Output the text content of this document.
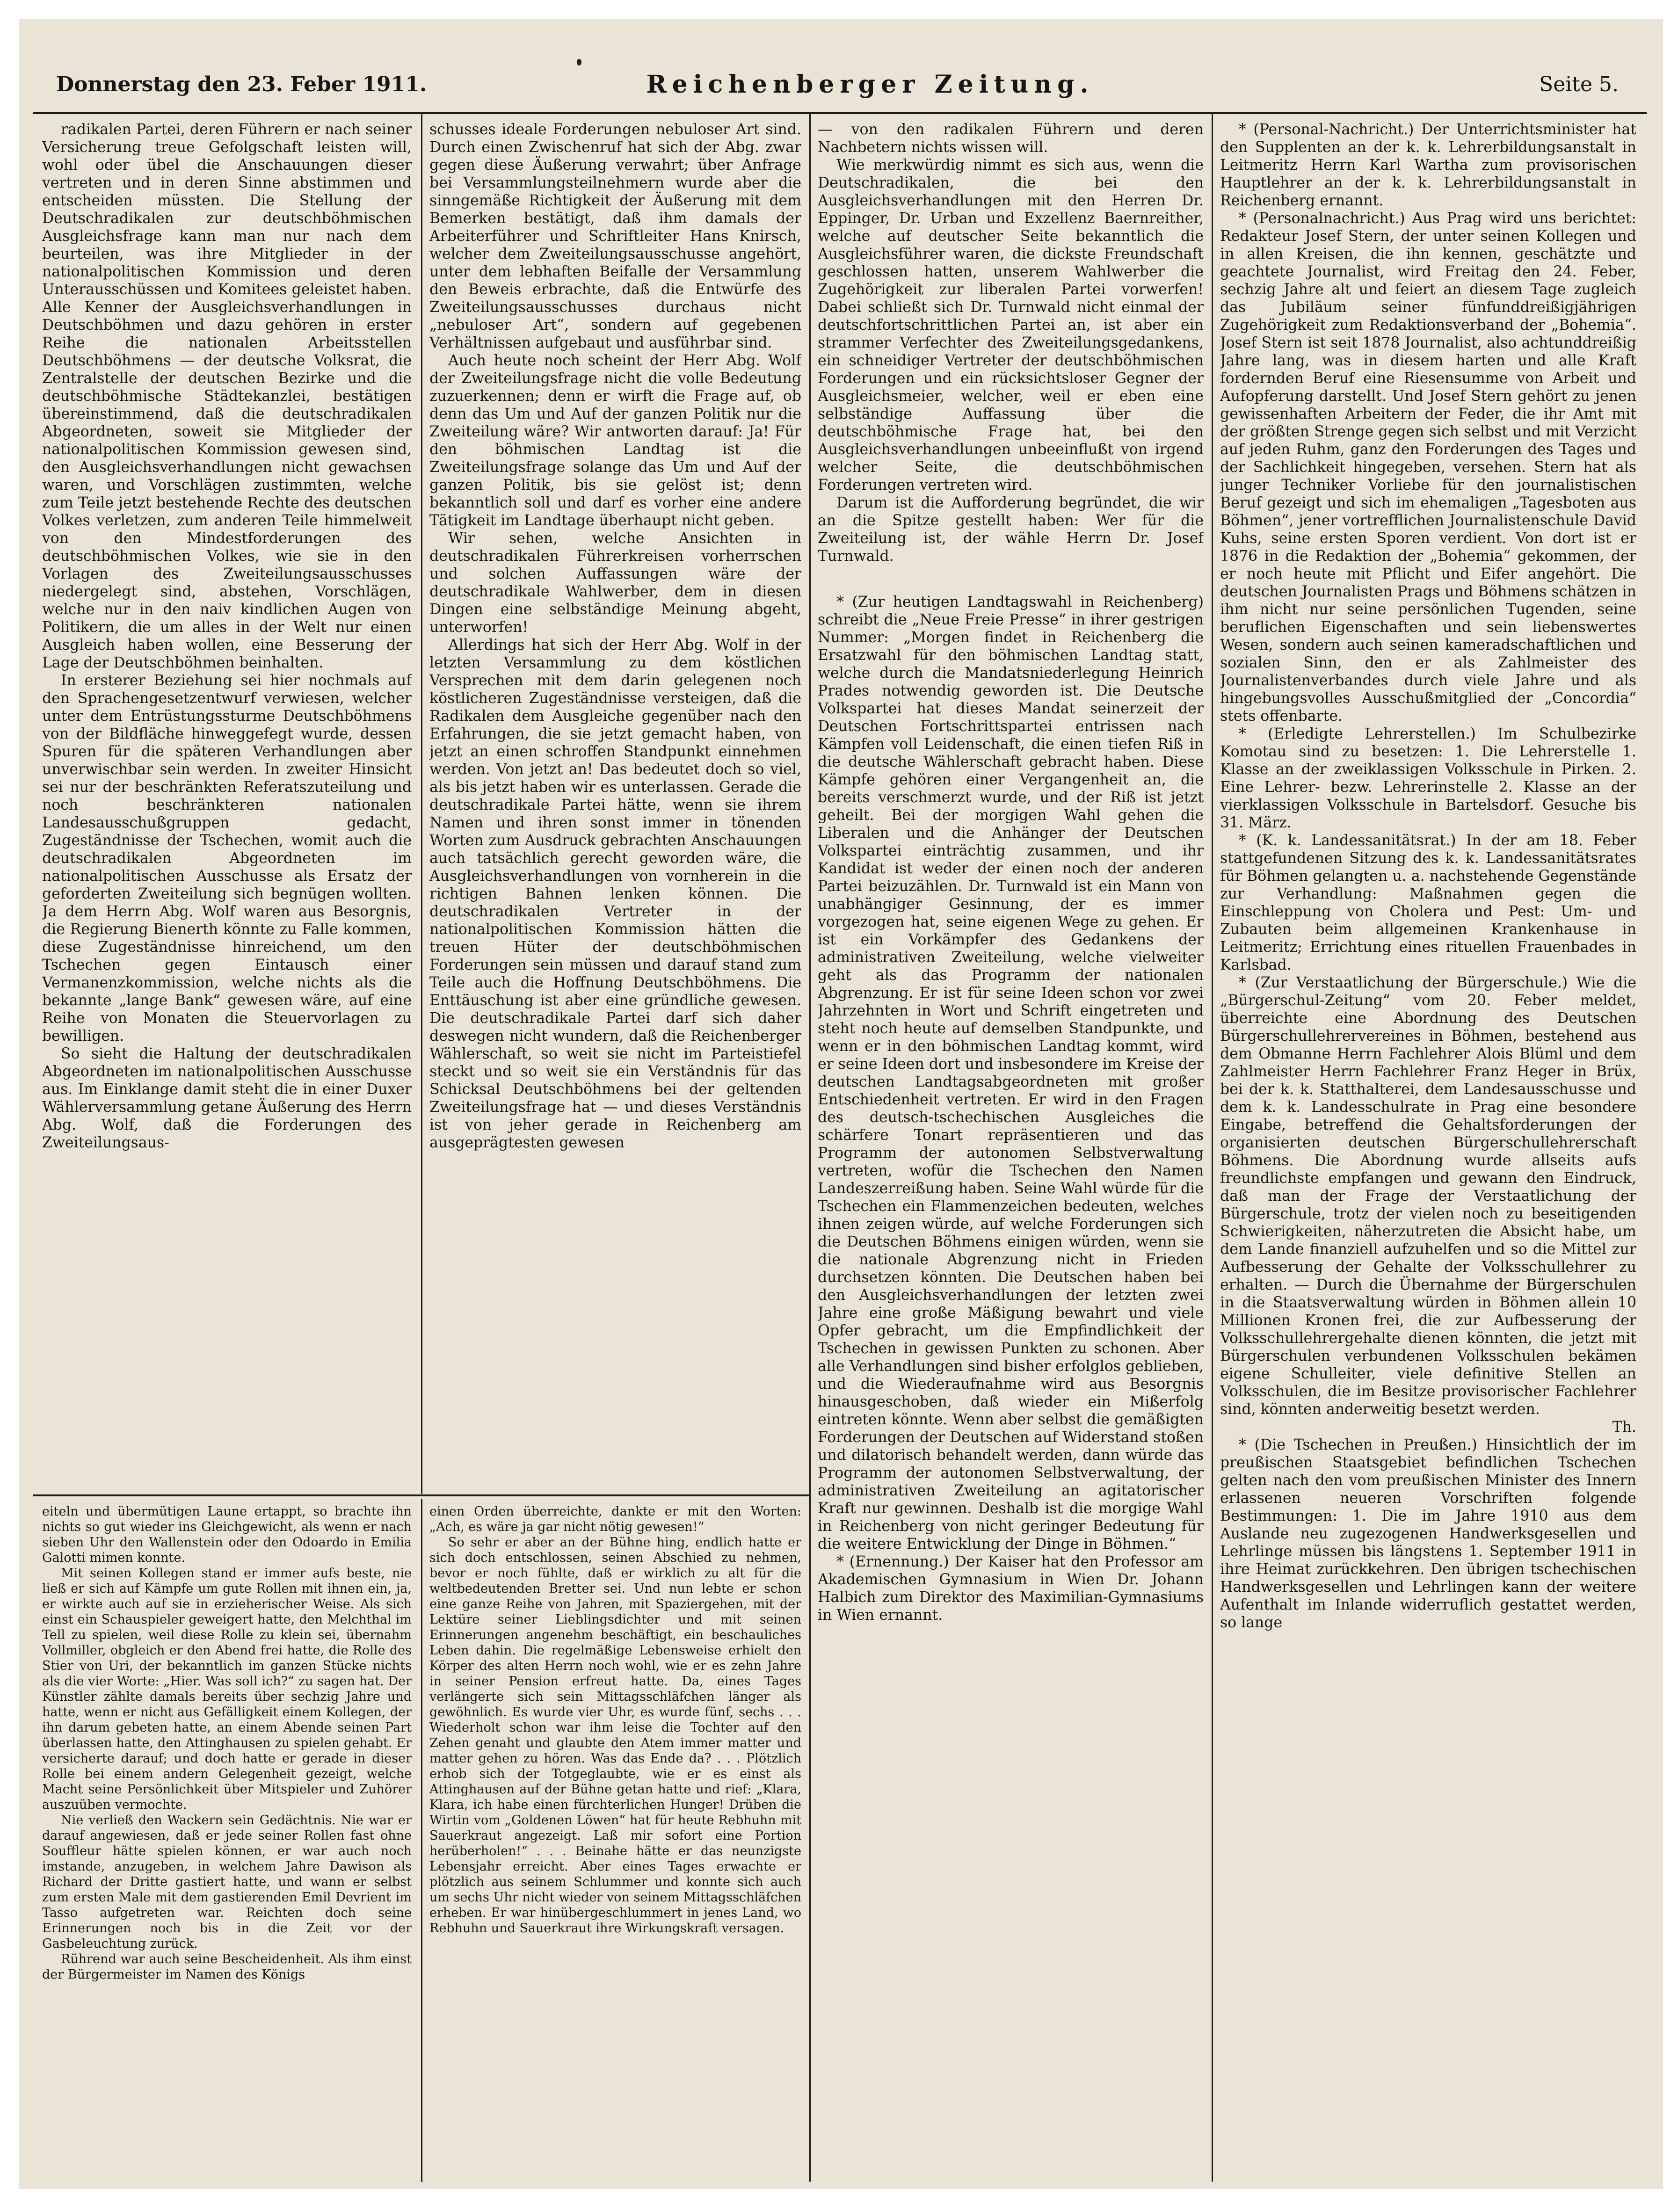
Donnerstag den 23. Feber 1911.	Reichenberger Zeitung.	Seite 5.

radikalen Partei, deren Führern er nach seiner Versicherung treue Gefolgschaft leisten will, wohl oder übel die Anschauungen dieser vertreten und in deren Sinne abstimmen und entscheiden müssten. Die Stellung der Deutschradikalen zur deutschböhmischen Ausgleichsfrage kann man nur nach dem beurteilen, was ihre Mitglieder in der nationalpolitischen Kommission und deren Unterausschüssen und Komitees geleistet haben. Alle Kenner der Ausgleichsverhandlungen in Deutschböhmen und dazu gehören in erster Reihe die nationalen Arbeitsstellen Deutschböhmens — der deutsche Volksrat, die Zentralstelle der deutschen Bezirke und die deutschböhmische Städtekanzlei, bestätigen übereinstimmend, daß die deutschradikalen Abgeordneten, soweit sie Mitglieder der nationalpolitischen Kommission gewesen sind, den Ausgleichsverhandlungen nicht gewachsen waren, und Vorschlägen zustimmten, welche zum Teile jetzt bestehende Rechte des deutschen Volkes verletzen, zum anderen Teile himmelweit von den Mindestforderungen des deutschböhmischen Volkes, wie sie in den Vorlagen des Zweiteilungsausschusses niedergelegt sind, abstehen, Vorschlägen, welche nur in den naiv kindlichen Augen von Politikern, die um alles in der Welt nur einen Ausgleich haben wollen, eine Besserung der Lage der Deutschböhmen beinhalten.

In ersterer Beziehung sei hier nochmals auf den Sprachengesetzentwurf verwiesen, welcher unter dem Entrüstungssturme Deutschböhmens von der Bildfläche hinweggefegt wurde, dessen Spuren für die späteren Verhandlungen aber unverwischbar sein werden. In zweiter Hinsicht sei nur der beschränkten Referatszuteilung und noch beschränkteren nationalen Landesausschußgruppen gedacht, Zugeständnisse der Tschechen, womit auch die deutschradikalen Abgeordneten im nationalpolitischen Ausschusse als Ersatz der geforderten Zweiteilung sich begnügen wollten. Ja dem Herrn Abg. Wolf waren aus Besorgnis, die Regierung Bienerth könnte zu Falle kommen, diese Zugeständnisse hinreichend, um den Tschechen gegen Eintausch einer Vermanenzkommission, welche nichts als die bekannte „lange Bank“ gewesen wäre, auf eine Reihe von Monaten die Steuervorlagen zu bewilligen.

So sieht die Haltung der deutschradikalen Abgeordneten im nationalpolitischen Ausschusse aus. Im Einklange damit steht die in einer Duxer Wählerversammlung getane Äußerung des Herrn Abg. Wolf, daß die Forderungen des Zweiteilungsaus-

schusses ideale Forderungen nebuloser Art sind. Durch einen Zwischenruf hat sich der Abg. zwar gegen diese Äußerung verwahrt; über Anfrage bei Versammlungsteilnehmern wurde aber die sinngemäße Richtigkeit der Äußerung mit dem Bemerken bestätigt, daß ihm damals der Arbeiterführer und Schriftleiter Hans Knirsch, welcher dem Zweiteilungsausschusse angehört, unter dem lebhaften Beifalle der Versammlung den Beweis erbrachte, daß die Entwürfe des Zweiteilungsausschusses durchaus nicht „nebuloser Art“, sondern auf gegebenen Verhältnissen aufgebaut und ausführbar sind.

Auch heute noch scheint der Herr Abg. Wolf der Zweiteilungsfrage nicht die volle Bedeutung zuzuerkennen; denn er wirft die Frage auf, ob denn das Um und Auf der ganzen Politik nur die Zweiteilung wäre? Wir antworten darauf: Ja! Für den böhmischen Landtag ist die Zweiteilungsfrage solange das Um und Auf der ganzen Politik, bis sie gelöst ist; denn bekanntlich soll und darf es vorher eine andere Tätigkeit im Landtage überhaupt nicht geben.

Wir sehen, welche Ansichten in deutschradikalen Führerkreisen vorherrschen und solchen Auffassungen wäre der deutschradikale Wahlwerber, dem in diesen Dingen eine selbständige Meinung abgeht, unterworfen!

Allerdings hat sich der Herr Abg. Wolf in der letzten Versammlung zu dem köstlichen Versprechen mit dem darin gelegenen noch köstlicheren Zugeständnisse versteigen, daß die Radikalen dem Ausgleiche gegenüber nach den Erfahrungen, die sie jetzt gemacht haben, von jetzt an einen schroffen Standpunkt einnehmen werden. Von jetzt an! Das bedeutet doch so viel, als bis jetzt haben wir es unterlassen. Gerade die deutschradikale Partei hätte, wenn sie ihrem Namen und ihren sonst immer in tönenden Worten zum Ausdruck gebrachten Anschauungen auch tatsächlich gerecht geworden wäre, die Ausgleichsverhandlungen von vornherein in die richtigen Bahnen lenken können. Die deutschradikalen Vertreter in der nationalpolitischen Kommission hätten die treuen Hüter der deutschböhmischen Forderungen sein müssen und darauf stand zum Teile auch die Hoffnung Deutschböhmens. Die Enttäuschung ist aber eine gründliche gewesen. Die deutschradikale Partei darf sich daher deswegen nicht wundern, daß die Reichenberger Wählerschaft, so weit sie nicht im Parteistiefel steckt und so weit sie ein Verständnis für das Schicksal Deutschböhmens bei der geltenden Zweiteilungsfrage hat — und dieses Verständnis ist von jeher gerade in Reichenberg am ausgeprägtesten gewesen

— von den radikalen Führern und deren Nachbetern nichts wissen will.

Wie merkwürdig nimmt es sich aus, wenn die Deutschradikalen, die bei den Ausgleichsverhandlungen mit den Herren Dr. Eppinger, Dr. Urban und Exzellenz Baernreither, welche auf deutscher Seite bekanntlich die Ausgleichsführer waren, die dickste Freundschaft geschlossen hatten, unserem Wahlwerber die Zugehörigkeit zur liberalen Partei vorwerfen! Dabei schließt sich Dr. Turnwald nicht einmal der deutschfortschrittlichen Partei an, ist aber ein strammer Verfechter des Zweiteilungsgedankens, ein schneidiger Vertreter der deutschböhmischen Forderungen und ein rücksichtsloser Gegner der Ausgleichsmeier, welcher, weil er eben eine selbständige Auffassung über die deutschböhmische Frage hat, bei den Ausgleichsverhandlungen unbeeinflußt von irgend welcher Seite, die deutschböhmischen Forderungen vertreten wird.

Darum ist die Aufforderung begründet, die wir an die Spitze gestellt haben: Wer für die Zweiteilung ist, der wähle Herrn Dr. Josef Turnwald.

* (Zur heutigen Landtagswahl in Reichenberg) schreibt die „Neue Freie Presse“ in ihrer gestrigen Nummer: „Morgen findet in Reichenberg die Ersatzwahl für den böhmischen Landtag statt, welche durch die Mandatsniederlegung Heinrich Prades notwendig geworden ist. Die Deutsche Volkspartei hat dieses Mandat seinerzeit der Deutschen Fortschrittspartei entrissen nach Kämpfen voll Leidenschaft, die einen tiefen Riß in die deutsche Wählerschaft gebracht haben. Diese Kämpfe gehören einer Vergangenheit an, die bereits verschmerzt wurde, und der Riß ist jetzt geheilt. Bei der morgigen Wahl gehen die Liberalen und die Anhänger der Deutschen Volkspartei einträchtig zusammen, und ihr Kandidat ist weder der einen noch der anderen Partei beizuzählen. Dr. Turnwald ist ein Mann von unabhängiger Gesinnung, der es immer vorgezogen hat, seine eigenen Wege zu gehen. Er ist ein Vorkämpfer des Gedankens der administrativen Zweiteilung, welche vielweiter geht als das Programm der nationalen Abgrenzung. Er ist für seine Ideen schon vor zwei Jahrzehnten in Wort und Schrift eingetreten und steht noch heute auf demselben Standpunkte, und wenn er in den böhmischen Landtag kommt, wird er seine Ideen dort und insbesondere im Kreise der deutschen Landtagsabgeordneten mit großer Entschiedenheit vertreten. Er wird in den Fragen des deutsch-tschechischen Ausgleiches die schärfere Tonart repräsentieren und das Programm der autonomen Selbstverwaltung vertreten, wofür die Tschechen den Namen Landeszerreißung haben. Seine Wahl würde für die Tschechen ein Flammenzeichen bedeuten, welches ihnen zeigen würde, auf welche Forderungen sich die Deutschen Böhmens einigen würden, wenn sie die nationale Abgrenzung nicht in Frieden durchsetzen könnten. Die Deutschen haben bei den Ausgleichsverhandlungen der letzten zwei Jahre eine große Mäßigung bewahrt und viele Opfer gebracht, um die Empfindlichkeit der Tschechen in gewissen Punkten zu schonen. Aber alle Verhandlungen sind bisher erfolglos geblieben, und die Wiederaufnahme wird aus Besorgnis hinausgeschoben, daß wieder ein Mißerfolg eintreten könnte. Wenn aber selbst die gemäßigten Forderungen der Deutschen auf Widerstand stoßen und dilatorisch behandelt werden, dann würde das Programm der autonomen Selbstverwaltung, der administrativen Zweiteilung an agitatorischer Kraft nur gewinnen. Deshalb ist die morgige Wahl in Reichenberg von nicht geringer Bedeutung für die weitere Entwicklung der Dinge in Böhmen.“

* (Ernennung.) Der Kaiser hat den Professor am Akademischen Gymnasium in Wien Dr. Johann Halbich zum Direktor des Maximilian-Gymnasiums in Wien ernannt.

* (Personal-Nachricht.) Der Unterrichtsminister hat den Supplenten an der k. k. Lehrerbildungsanstalt in Leitmeritz Herrn Karl Wartha zum provisorischen Hauptlehrer an der k. k. Lehrerbildungsanstalt in Reichenberg ernannt.

* (Personalnachricht.) Aus Prag wird uns berichtet: Redakteur Josef Stern, der unter seinen Kollegen und in allen Kreisen, die ihn kennen, geschätzte und geachtete Journalist, wird Freitag den 24. Feber, sechzig Jahre alt und feiert an diesem Tage zugleich das Jubiläum seiner fünfunddreißigjährigen Zugehörigkeit zum Redaktionsverband der „Bohemia“. Josef Stern ist seit 1878 Journalist, also achtunddreißig Jahre lang, was in diesem harten und alle Kraft fordernden Beruf eine Riesensumme von Arbeit und Aufopferung darstellt. Und Josef Stern gehört zu jenen gewissenhaften Arbeitern der Feder, die ihr Amt mit der größten Strenge gegen sich selbst und mit Verzicht auf jeden Ruhm, ganz den Forderungen des Tages und der Sachlichkeit hingegeben, versehen. Stern hat als junger Techniker Vorliebe für den journalistischen Beruf gezeigt und sich im ehemaligen „Tagesboten aus Böhmen“, jener vortrefflichen Journalistenschule David Kuhs, seine ersten Sporen verdient. Von dort ist er 1876 in die Redaktion der „Bohemia“ gekommen, der er noch heute mit Pflicht und Eifer angehört. Die deutschen Journalisten Prags und Böhmens schätzen in ihm nicht nur seine persönlichen Tugenden, seine beruflichen Eigenschaften und sein liebenswertes Wesen, sondern auch seinen kameradschaftlichen und sozialen Sinn, den er als Zahlmeister des Journalistenverbandes durch viele Jahre und als hingebungsvolles Ausschußmitglied der „Concordia“ stets offenbarte.

* (Erledigte Lehrerstellen.) Im Schulbezirke Komotau sind zu besetzen: 1. Die Lehrerstelle 1. Klasse an der zweiklassigen Volksschule in Pirken. 2. Eine Lehrer- bezw. Lehrerinstelle 2. Klasse an der vierklassigen Volksschule in Bartelsdorf. Gesuche bis 31. März.

* (K. k. Landessanitätsrat.) In der am 18. Feber stattgefundenen Sitzung des k. k. Landessanitätsrates für Böhmen gelangten u. a. nachstehende Gegenstände zur Verhandlung: Maßnahmen gegen die Einschleppung von Cholera und Pest: Um- und Zubauten beim allgemeinen Krankenhause in Leitmeritz; Errichtung eines rituellen Frauenbades in Karlsbad.

* (Zur Verstaatlichung der Bürgerschule.) Wie die „Bürgerschul-Zeitung“ vom 20. Feber meldet, überreichte eine Abordnung des Deutschen Bürgerschullehrervereines in Böhmen, bestehend aus dem Obmanne Herrn Fachlehrer Alois Blüml und dem Zahlmeister Herrn Fachlehrer Franz Heger in Brüx, bei der k. k. Statthalterei, dem Landesausschusse und dem k. k. Landesschulrate in Prag eine besondere Eingabe, betreffend die Gehaltsforderungen der organisierten deutschen Bürgerschullehrerschaft Böhmens. Die Abordnung wurde allseits aufs freundlichste empfangen und gewann den Eindruck, daß man der Frage der Verstaatlichung der Bürgerschule, trotz der vielen noch zu beseitigenden Schwierigkeiten, näherzutreten die Absicht habe, um dem Lande finanziell aufzuhelfen und so die Mittel zur Aufbesserung der Gehalte der Volksschullehrer zu erhalten. — Durch die Übernahme der Bürgerschulen in die Staatsverwaltung würden in Böhmen allein 10 Millionen Kronen frei, die zur Aufbesserung der Volksschullehrergehalte dienen könnten, die jetzt mit Bürgerschulen verbundenen Volksschulen bekämen eigene Schulleiter, viele definitive Stellen an Volksschulen, die im Besitze provisorischer Fachlehrer sind, könnten anderweitig besetzt werden.

Th.

* (Die Tschechen in Preußen.) Hinsichtlich der im preußischen Staatsgebiet befindlichen Tschechen gelten nach den vom preußischen Minister des Innern erlassenen neueren Vorschriften folgende Bestimmungen: 1. Die im Jahre 1910 aus dem Auslande neu zugezogenen Handwerksgesellen und Lehrlinge müssen bis längstens 1. September 1911 in ihre Heimat zurückkehren. Den übrigen tschechischen Handwerksgesellen und Lehrlingen kann der weitere Aufenthalt im Inlande widerruflich gestattet werden, so lange

eiteln und übermütigen Laune ertappt, so brachte ihn nichts so gut wieder ins Gleichgewicht, als wenn er nach sieben Uhr den Wallenstein oder den Odoardo in Emilia Galotti mimen konnte.

Mit seinen Kollegen stand er immer aufs beste, nie ließ er sich auf Kämpfe um gute Rollen mit ihnen ein, ja, er wirkte auch auf sie in erzieherischer Weise. Als sich einst ein Schauspieler geweigert hatte, den Melchthal im Tell zu spielen, weil diese Rolle zu klein sei, übernahm Vollmiller, obgleich er den Abend frei hatte, die Rolle des Stier von Uri, der bekanntlich im ganzen Stücke nichts als die vier Worte: „Hier. Was soll ich?“ zu sagen hat. Der Künstler zählte damals bereits über sechzig Jahre und hatte, wenn er nicht aus Gefälligkeit einem Kollegen, der ihn darum gebeten hatte, an einem Abende seinen Part überlassen hatte, den Attinghausen zu spielen gehabt. Er versicherte darauf; und doch hatte er gerade in dieser Rolle bei einem andern Gelegenheit gezeigt, welche Macht seine Persönlichkeit über Mitspieler und Zuhörer auszuüben vermochte.

Nie verließ den Wackern sein Gedächtnis. Nie war er darauf angewiesen, daß er jede seiner Rollen fast ohne Souffleur hätte spielen können, er war auch noch imstande, anzugeben, in welchem Jahre Dawison als Richard der Dritte gastiert hatte, und wann er selbst zum ersten Male mit dem gastierenden Emil Devrient im Tasso aufgetreten war. Reichten doch seine Erinnerungen noch bis in die Zeit vor der Gasbeleuchtung zurück.

Rührend war auch seine Bescheidenheit. Als ihm einst der Bürgermeister im Namen des Königs

einen Orden überreichte, dankte er mit den Worten: „Ach, es wäre ja gar nicht nötig gewesen!“

So sehr er aber an der Bühne hing, endlich hatte er sich doch entschlossen, seinen Abschied zu nehmen, bevor er noch fühlte, daß er wirklich zu alt für die weltbedeutenden Bretter sei. Und nun lebte er schon eine ganze Reihe von Jahren, mit Spaziergehen, mit der Lektüre seiner Lieblingsdichter und mit seinen Erinnerungen angenehm beschäftigt, ein beschauliches Leben dahin. Die regelmäßige Lebensweise erhielt den Körper des alten Herrn noch wohl, wie er es zehn Jahre in seiner Pension erfreut hatte. Da, eines Tages verlängerte sich sein Mittagsschläfchen länger als gewöhnlich. Es wurde vier Uhr, es wurde fünf, sechs . . . Wiederholt schon war ihm leise die Tochter auf den Zehen genaht und glaubte den Atem immer matter und matter gehen zu hören. Was das Ende da? . . . Plötzlich erhob sich der Totgeglaubte, wie er es einst als Attinghausen auf der Bühne getan hatte und rief: „Klara, Klara, ich habe einen fürchterlichen Hunger! Drüben die Wirtin vom „Goldenen Löwen“ hat für heute Rebhuhn mit Sauerkraut angezeigt. Laß mir sofort eine Portion herüberholen!“ . . . Beinahe hätte er das neunzigste Lebensjahr erreicht. Aber eines Tages erwachte er plötzlich aus seinem Schlummer und konnte sich auch um sechs Uhr nicht wieder von seinem Mittagsschläfchen erheben. Er war hinübergeschlummert in jenes Land, wo Rebhuhn und Sauerkraut ihre Wirkungskraft versagen.
